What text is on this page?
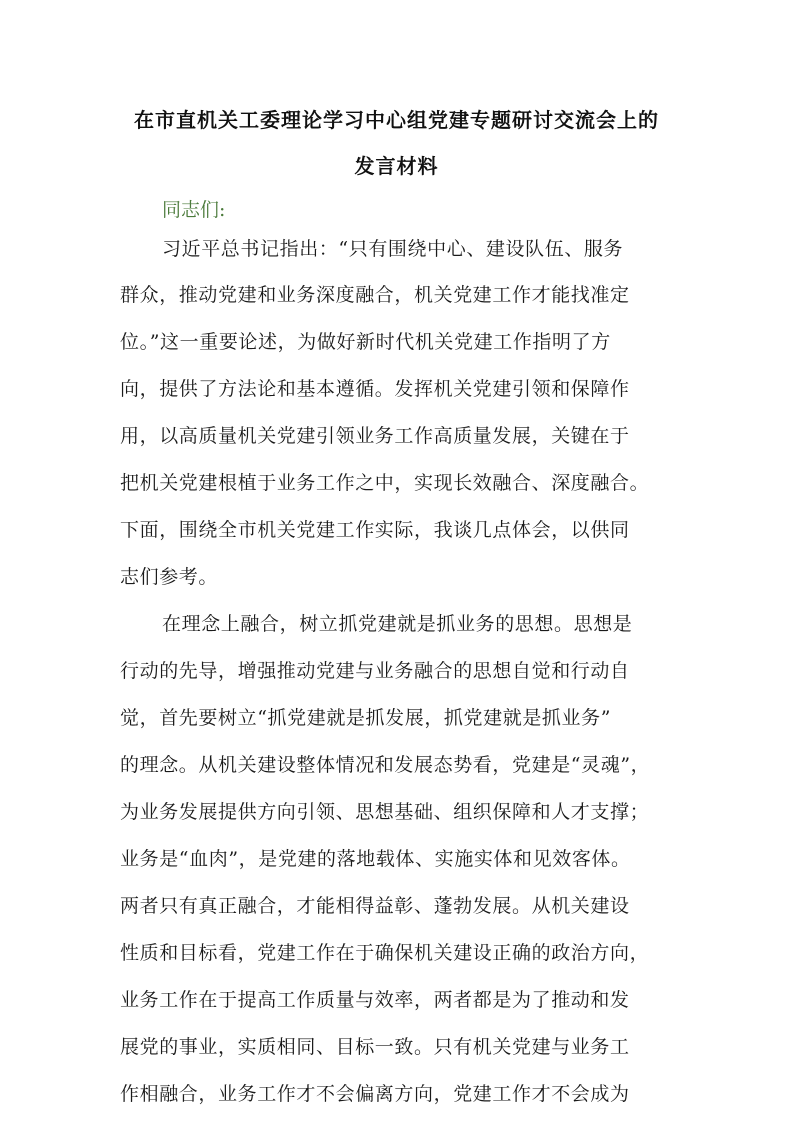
在市直机关工委理论学习中心组党建专题研讨交流会上的
发言材料
同志们:
习近平总书记指出：“只有围绕中心、建设队伍、服务
群众，推动党建和业务深度融合，机关党建工作才能找准定
位。”这一重要论述，为做好新时代机关党建工作指明了方
向，提供了方法论和基本遵循。发挥机关党建引领和保障作
用，以高质量机关党建引领业务工作高质量发展，关键在于
把机关党建根植于业务工作之中，实现长效融合、深度融合。
下面，围绕全市机关党建工作实际，我谈几点体会，以供同
志们参考。
在理念上融合，树立抓党建就是抓业务的思想。思想是
行动的先导，增强推动党建与业务融合的思想自觉和行动自
觉，首先要树立“抓党建就是抓发展，抓党建就是抓业务”
的理念。从机关建设整体情况和发展态势看，党建是“灵魂”，
为业务发展提供方向引领、思想基础、组织保障和人才支撑；
业务是“血肉”，是党建的落地载体、实施实体和见效客体。
两者只有真正融合，才能相得益彰、蓬勃发展。从机关建设
性质和目标看，党建工作在于确保机关建设正确的政治方向，
业务工作在于提高工作质量与效率，两者都是为了推动和发
展党的事业，实质相同、目标一致。只有机关党建与业务工
作相融合，业务工作才不会偏离方向，党建工作才不会成为
